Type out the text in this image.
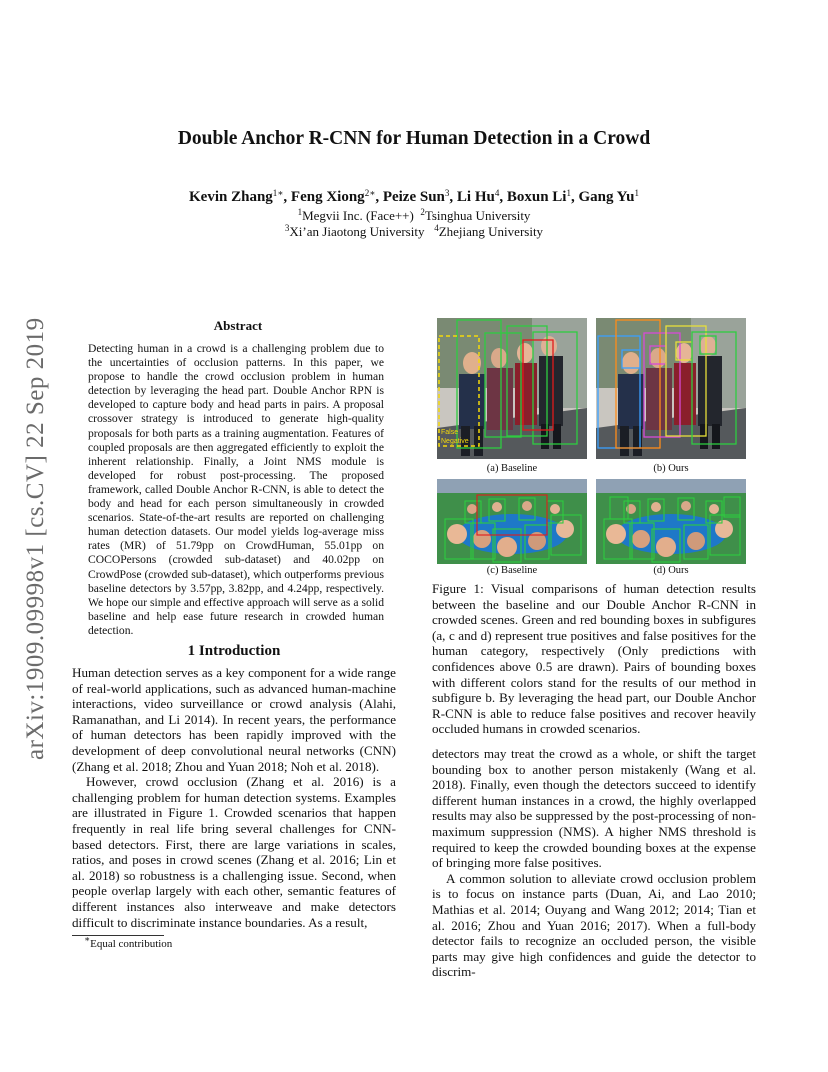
arXiv:1909.09998v1 [cs.CV] 22 Sep 2019
Double Anchor R-CNN for Human Detection in a Crowd
Kevin Zhang$^{1∗}$, Feng Xiong$^{2∗}$, Peize Sun$^3$, Li Hu$^4$, Boxun Li$^1$, Gang Yu$^1$
$^1$Megvii Inc. (Face++) $^2$Tsinghua University
$^3$Xi’an Jiaotong University $^4$Zhejiang University
Abstract
Detecting human in a crowd is a challenging problem due to the uncertainties of occlusion patterns. In this paper, we propose to handle the crowd occlusion problem in human detection by leveraging the head part. Double Anchor RPN is developed to capture body and head parts in pairs. A proposal crossover strategy is introduced to generate high-quality proposals for both parts as a training augmentation. Features of coupled proposals are then aggregated efficiently to exploit the inherent relationship. Finally, a Joint NMS module is developed for robust post-processing. The proposed framework, called Double Anchor R-CNN, is able to detect the body and head for each person simultaneously in crowded scenarios. State-of-the-art results are reported on challenging human detection datasets. Our model yields log-average miss rates (MR) of 51.79pp on CrowdHuman, 55.01pp on COCOPersons (crowded sub-dataset) and 40.02pp on CrowdPose (crowded sub-dataset), which outperforms previous baseline detectors by 3.57pp, 3.82pp, and 4.24pp, respectively. We hope our simple and effective approach will serve as a solid baseline and help ease future research in crowded human detection.
1 Introduction

Human detection serves as a key component for a wide range of real-world applications, such as advanced human-machine interactions, video surveillance or crowd analysis (Alahi, Ramanathan, and Li 2014). In recent years, the performance of human detectors has been rapidly improved with the development of deep convolutional neural networks (CNN) (Zhang et al. 2018; Zhou and Yuan 2018; Noh et al. 2018).

However, crowd occlusion (Zhang et al. 2016) is a challenging problem for human detection systems. Examples are illustrated in Figure 1. Crowded scenarios that happen frequently in real life bring several challenges for CNN-based detectors. First, there are large variations in scales, ratios, and poses in crowd scenes (Zhang et al. 2016; Lin et al. 2018) so robustness is a challenging issue. Second, when people overlap largely with each other, semantic features of different instances also interweave and make detectors difficult to discriminate instance boundaries. As a result,

∗Equal contribution
False
Negative
(a) Baseline	(b) Ours
(c) Baseline	(d) Ours
Figure 1: Visual comparisons of human detection results between the baseline and our Double Anchor R-CNN in crowded scenes. Green and red bounding boxes in subfigures (a, c and d) represent true positives and false positives for the human category, respectively (Only predictions with confidences above 0.5 are drawn). Pairs of bounding boxes with different colors stand for the results of our method in subfigure b. By leveraging the head part, our Double Anchor R-CNN is able to reduce false positives and recover heavily occluded humans in crowded scenarios.

detectors may treat the crowd as a whole, or shift the target bounding box to another person mistakenly (Wang et al. 2018). Finally, even though the detectors succeed to identify different human instances in a crowd, the highly overlapped results may also be suppressed by the post-processing of non-maximum suppression (NMS). A higher NMS threshold is required to keep the crowded bounding boxes at the expense of bringing more false positives.

A common solution to alleviate crowd occlusion problem is to focus on instance parts (Duan, Ai, and Lao 2010; Mathias et al. 2014; Ouyang and Wang 2012; 2014; Tian et al. 2016; Zhou and Yuan 2016; 2017). When a full-body detector fails to recognize an occluded person, the visible parts may give high confidences and guide the detector to discrim-
